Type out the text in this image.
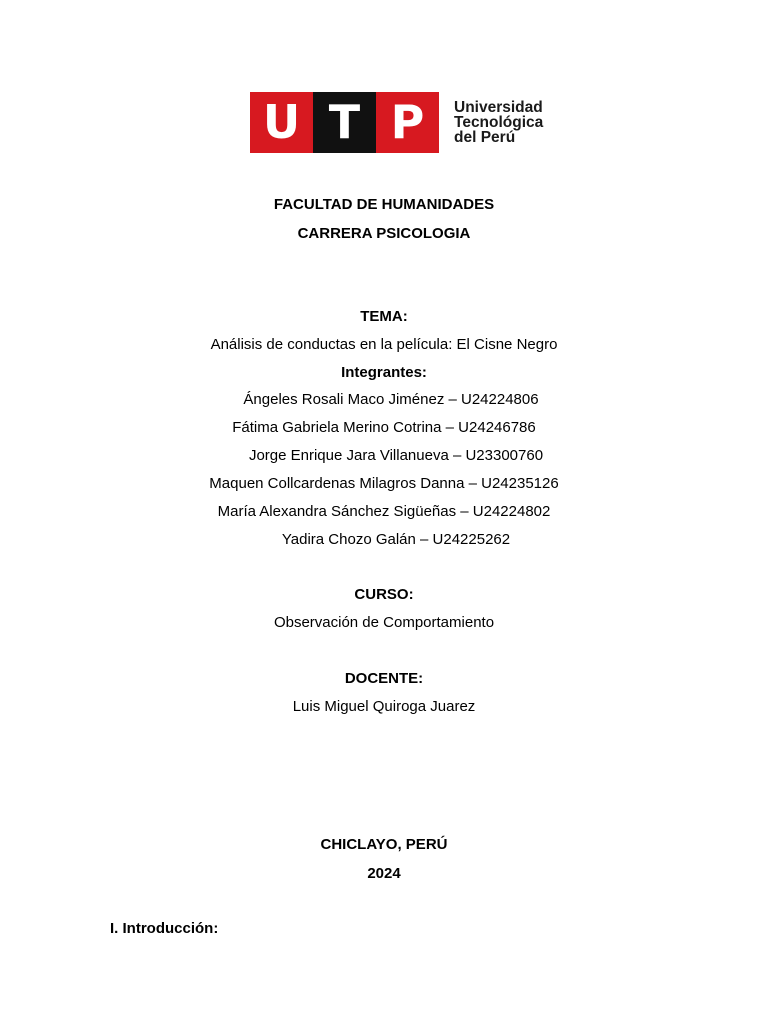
U T P	Universidad
Tecnológica
del Perú
FACULTAD DE HUMANIDADES
CARRERA PSICOLOGIA
TEMA:
Análisis de conductas en la película: El Cisne Negro
Integrantes:
Ángeles Rosali Maco Jiménez – U24224806
Fátima Gabriela Merino Cotrina – U24246786
Jorge Enrique Jara Villanueva – U23300760
Maquen Collcardenas Milagros Danna – U24235126
María Alexandra Sánchez Sigüeñas – U24224802
Yadira Chozo Galán – U24225262
CURSO:
Observación de Comportamiento
DOCENTE:
Luis Miguel Quiroga Juarez
CHICLAYO, PERÚ
2024
I. Introducción:
